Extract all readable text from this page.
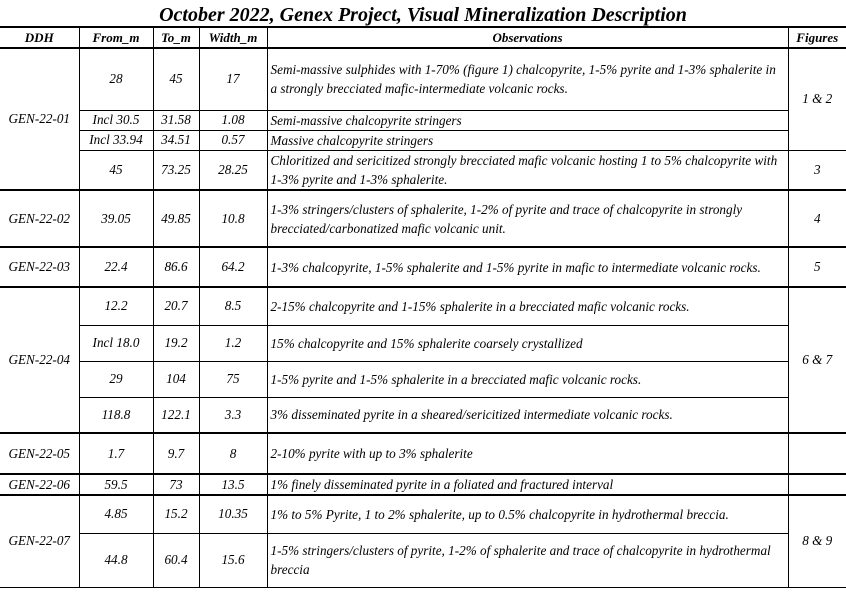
October 2022, Genex Project, Visual Mineralization Description
DDH	From_m	To_m	Width_m	Observations	Figures
GEN-22-01	28	45	17	Semi-massive sulphides with 1-70% (figure 1) chalcopyrite, 1-5% pyrite and 1-3% sphalerite in a strongly brecciated mafic-intermediate volcanic rocks.	1 & 2
	Incl 30.5	31.58	1.08	Semi-massive chalcopyrite stringers	
	Incl 33.94	34.51	0.57	Massive chalcopyrite stringers	
	45	73.25	28.25	Chloritized and sericitized strongly brecciated mafic volcanic hosting 1 to 5% chalcopyrite with 1-3% pyrite and 1-3% sphalerite.	3
GEN-22-02	39.05	49.85	10.8	1-3% stringers/clusters of sphalerite, 1-2% of pyrite and trace of chalcopyrite in strongly brecciated/carbonatized mafic volcanic unit.	4
GEN-22-03	22.4	86.6	64.2	1-3% chalcopyrite, 1-5% sphalerite and 1-5% pyrite in mafic to intermediate volcanic rocks.	5
GEN-22-04	12.2	20.7	8.5	2-15% chalcopyrite and 1-15% sphalerite in a brecciated mafic volcanic rocks.	6 & 7
	Incl 18.0	19.2	1.2	15% chalcopyrite and 15% sphalerite coarsely crystallized	
	29	104	75	1-5% pyrite and 1-5% sphalerite in a brecciated mafic volcanic rocks.	
	118.8	122.1	3.3	3% disseminated pyrite in a sheared/sericitized intermediate volcanic rocks.	
GEN-22-05	1.7	9.7	8	2-10% pyrite with up to 3% sphalerite	
GEN-22-06	59.5	73	13.5	1% finely disseminated pyrite in a foliated and fractured interval	
GEN-22-07	4.85	15.2	10.35	1% to 5% Pyrite, 1 to 2% sphalerite, up to 0.5% chalcopyrite in hydrothermal breccia.	8 & 9
	44.8	60.4	15.6	1-5% stringers/clusters of pyrite, 1-2% of sphalerite and trace of chalcopyrite in hydrothermal breccia	
